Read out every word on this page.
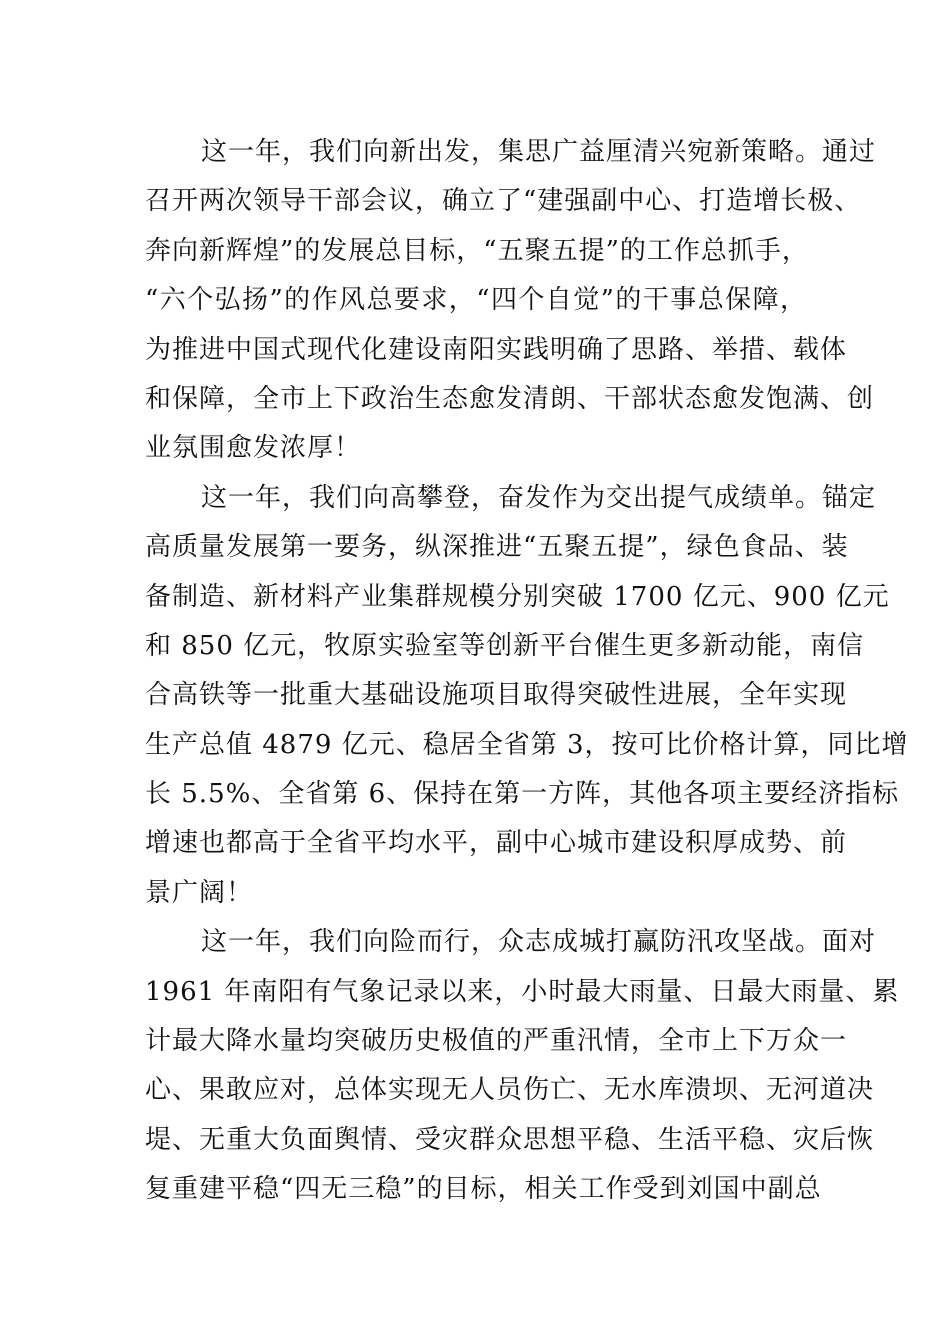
这一年，我们向新出发，集思广益厘清兴宛新策略。通过
召开两次领导干部会议，确立了“建强副中心、打造增长极、
奔向新辉煌”的发展总目标，“五聚五提”的工作总抓手，
“六个弘扬”的作风总要求，“四个自觉”的干事总保障，
为推进中国式现代化建设南阳实践明确了思路、举措、载体
和保障，全市上下政治生态愈发清朗、干部状态愈发饱满、创
业氛围愈发浓厚！
这一年，我们向高攀登，奋发作为交出提气成绩单。锚定
高质量发展第一要务，纵深推进“五聚五提”，绿色食品、装
备制造、新材料产业集群规模分别突破 1700 亿元、900 亿元
和 850 亿元，牧原实验室等创新平台催生更多新动能，南信
合高铁等一批重大基础设施项目取得突破性进展，全年实现
生产总值 4879 亿元、稳居全省第 3，按可比价格计算，同比增
长 5.5%、全省第 6、保持在第一方阵，其他各项主要经济指标
增速也都高于全省平均水平，副中心城市建设积厚成势、前
景广阔！
这一年，我们向险而行，众志成城打赢防汛攻坚战。面对
1961 年南阳有气象记录以来，小时最大雨量、日最大雨量、累
计最大降水量均突破历史极值的严重汛情，全市上下万众一
心、果敢应对，总体实现无人员伤亡、无水库溃坝、无河道决
堤、无重大负面舆情、受灾群众思想平稳、生活平稳、灾后恢
复重建平稳“四无三稳”的目标，相关工作受到刘国中副总
